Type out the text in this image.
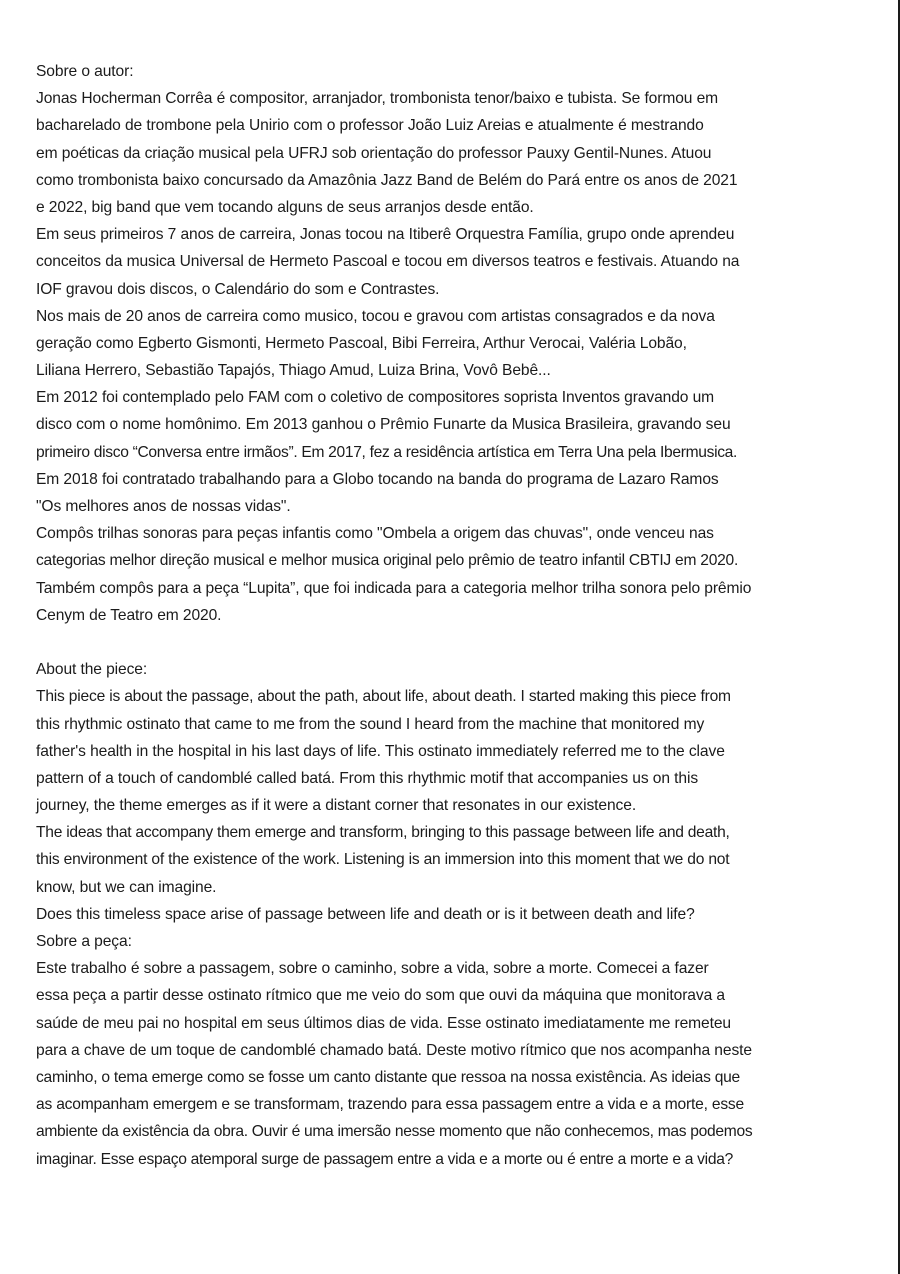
Sobre o autor:
Jonas Hocherman Corrêa é compositor, arranjador, trombonista tenor/baixo e tubista. Se formou em
bacharelado de trombone pela Unirio com o professor João Luiz Areias e atualmente é mestrando
em poéticas da criação musical pela UFRJ sob orientação do professor Pauxy Gentil-Nunes. Atuou
como trombonista baixo concursado da Amazônia Jazz Band de Belém do Pará entre os anos de 2021
e 2022, big band que vem tocando alguns de seus arranjos desde então.
Em seus primeiros 7 anos de carreira, Jonas tocou na Itiberê Orquestra Família, grupo onde aprendeu
conceitos da musica Universal de Hermeto Pascoal e tocou em diversos teatros e festivais. Atuando na
IOF gravou dois discos, o Calendário do som e Contrastes.
Nos mais de 20 anos de carreira como musico, tocou e gravou com artistas consagrados e da nova
geração como Egberto Gismonti, Hermeto Pascoal, Bibi Ferreira, Arthur Verocai, Valéria Lobão,
Liliana Herrero, Sebastião Tapajós, Thiago Amud, Luiza Brina, Vovô Bebê...
Em 2012 foi contemplado pelo FAM com o coletivo de compositores soprista Inventos gravando um
disco com o nome homônimo. Em 2013 ganhou o Prêmio Funarte da Musica Brasileira, gravando seu
primeiro disco “Conversa entre irmãos”. Em 2017, fez a residência artística em Terra Una pela Ibermusica.
Em 2018 foi contratado trabalhando para a Globo tocando na banda do programa de Lazaro Ramos
"Os melhores anos de nossas vidas".
Compôs trilhas sonoras para peças infantis como "Ombela a origem das chuvas", onde venceu nas
categorias melhor direção musical e melhor musica original pelo prêmio de teatro infantil CBTIJ em 2020.
Também compôs para a peça “Lupita”, que foi indicada para a categoria melhor trilha sonora pelo prêmio
Cenym de Teatro em 2020.
About the piece:
This piece is about the passage, about the path, about life, about death. I started making this piece from
this rhythmic ostinato that came to me from the sound I heard from the machine that monitored my
father's health in the hospital in his last days of life. This ostinato immediately referred me to the clave
pattern of a touch of candomblé called batá. From this rhythmic motif that accompanies us on this
journey, the theme emerges as if it were a distant corner that resonates in our existence.
The ideas that accompany them emerge and transform, bringing to this passage between life and death,
this environment of the existence of the work. Listening is an immersion into this moment that we do not
know, but we can imagine.
Does this timeless space arise of passage between life and death or is it between death and life?
Sobre a peça:
Este trabalho é sobre a passagem, sobre o caminho, sobre a vida, sobre a morte. Comecei a fazer
essa peça a partir desse ostinato rítmico que me veio do som que ouvi da máquina que monitorava a
saúde de meu pai no hospital em seus últimos dias de vida. Esse ostinato imediatamente me remeteu
para a chave de um toque de candomblé chamado batá. Deste motivo rítmico que nos acompanha neste
caminho, o tema emerge como se fosse um canto distante que ressoa na nossa existência. As ideias que
as acompanham emergem e se transformam, trazendo para essa passagem entre a vida e a morte, esse
ambiente da existência da obra. Ouvir é uma imersão nesse momento que não conhecemos, mas podemos
imaginar. Esse espaço atemporal surge de passagem entre a vida e a morte ou é entre a morte e a vida?
